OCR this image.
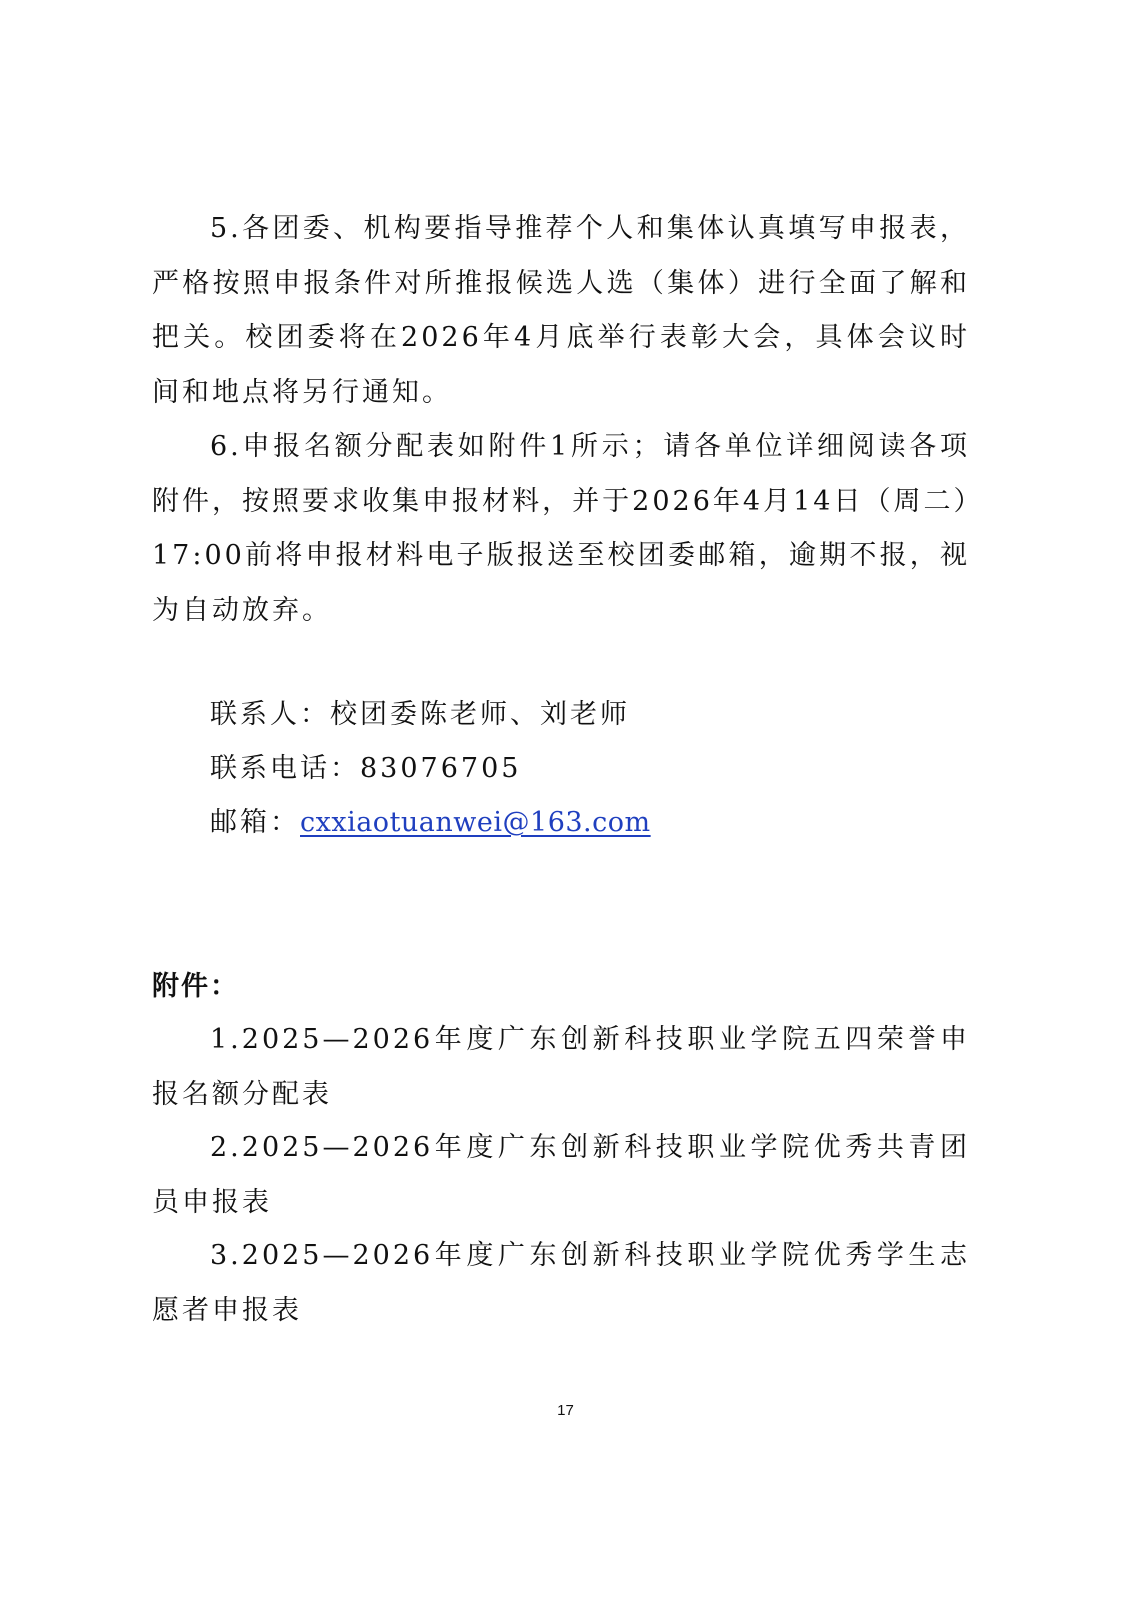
5.各团委、机构要指导推荐个人和集体认真填写申报表，严格按照申报条件对所推报候选人选（集体）进行全面了解和把关。校团委将在2026年4月底举行表彰大会，具体会议时间和地点将另行通知。

6.申报名额分配表如附件1所示；请各单位详细阅读各项附件，按照要求收集申报材料，并于2026年4月14日（周二）17:00前将申报材料电子版报送至校团委邮箱，逾期不报，视为自动放弃。

联系人：校团委陈老师、刘老师

联系电话：83076705

邮箱：cxxiaotuanwei@163.com

附件：

1.2025—2026年度广东创新科技职业学院五四荣誉申报名额分配表

2.2025—2026年度广东创新科技职业学院优秀共青团员申报表

3.2025—2026年度广东创新科技职业学院优秀学生志愿者申报表

17
